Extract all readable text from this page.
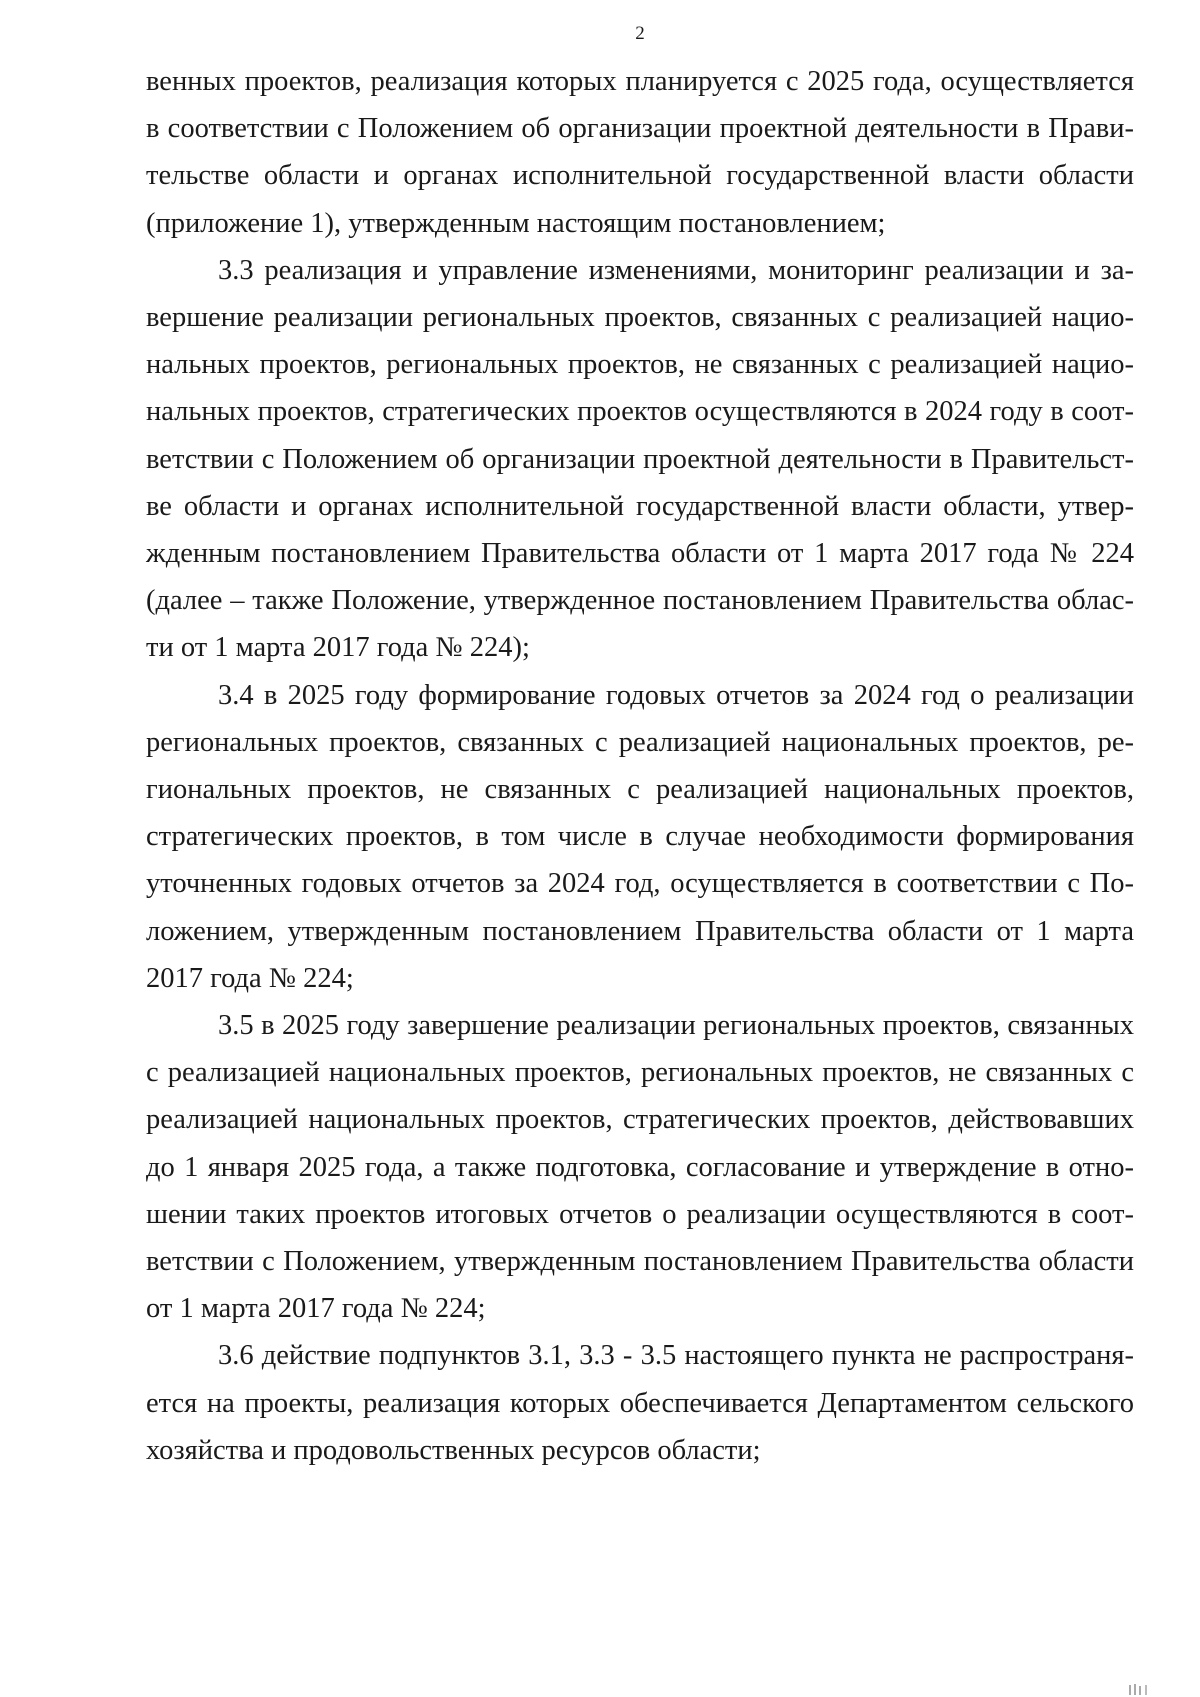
2

венных проектов, реализация которых планируется с 2025 года, осуществляется в соответствии с Положением об организации проектной деятельности в Правительстве области и органах исполнительной государственной власти области (приложение 1), утвержденным настоящим постановлением;

3.3 реализация и управление изменениями, мониторинг реализации и завершение реализации региональных проектов, связанных с реализацией национальных проектов, региональных проектов, не связанных с реализацией национальных проектов, стратегических проектов осуществляются в 2024 году в соответствии с Положением об организации проектной деятельности в Правительстве области и органах исполнительной государственной власти области, утвержденным постановлением Правительства области от 1 марта 2017 года № 224 (далее – также Положение, утвержденное постановлением Правительства области от 1 марта 2017 года № 224);

3.4 в 2025 году формирование годовых отчетов за 2024 год о реализации региональных проектов, связанных с реализацией национальных проектов, региональных проектов, не связанных с реализацией национальных проектов, стратегических проектов, в том числе в случае необходимости формирования уточненных годовых отчетов за 2024 год, осуществляется в соответствии с Положением, утвержденным постановлением Правительства области от 1 марта 2017 года № 224;

3.5 в 2025 году завершение реализации региональных проектов, связанных с реализацией национальных проектов, региональных проектов, не связанных с реализацией национальных проектов, стратегических проектов, действовавших до 1 января 2025 года, а также подготовка, согласование и утверждение в отношении таких проектов итоговых отчетов о реализации осуществляются в соответствии с Положением, утвержденным постановлением Правительства области от 1 марта 2017 года № 224;

3.6 действие подпунктов 3.1, 3.3 - 3.5 настоящего пункта не распространяется на проекты, реализация которых обеспечивается Департаментом сельского хозяйства и продовольственных ресурсов области;
